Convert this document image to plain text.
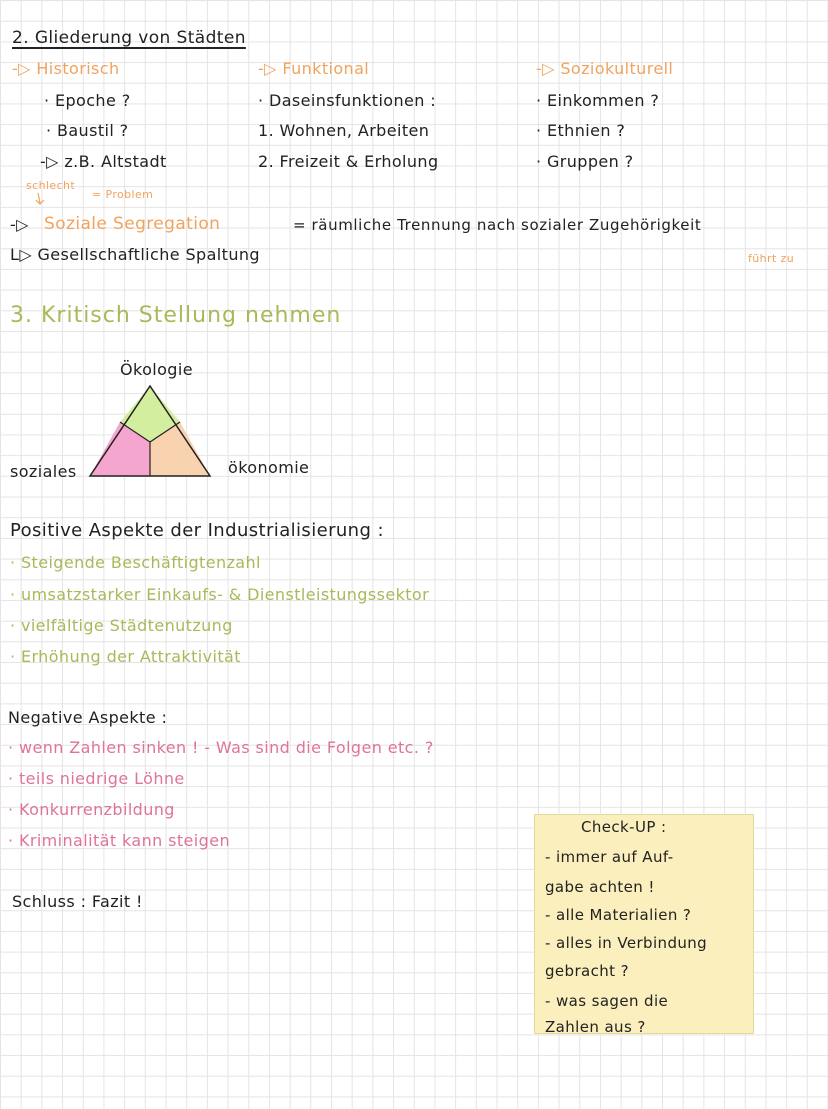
2. Gliederung von Städten
-▷ Historisch
· Epoche ?
· Baustil ?
-▷ z.B. Altstadt
-▷ Funktional
· Daseinsfunktionen :
1. Wohnen, Arbeiten
2. Freizeit & Erholung
-▷ Soziokulturell
· Einkommen ?
· Ethnien ?
· Gruppen ?
schlecht
= Problem
-▷ Soziale Segregation	= räumliche Trennung nach sozialer Zugehörigkeit
L▷ Gesellschaftliche Spaltung	führt zu
3. Kritisch Stellung nehmen
Ökologie
soziales	ökonomie
Positive Aspekte der Industrialisierung :
· Steigende Beschäftigtenzahl
· umsatzstarker Einkaufs- & Dienstleistungssektor
· vielfältige Städtenutzung
· Erhöhung der Attraktivität
Negative Aspekte :
· wenn Zahlen sinken ! - Was sind die Folgen etc. ?
· teils niedrige Löhne
· Konkurrenzbildung
· Kriminalität kann steigen
Schluss : Fazit !
Check-UP :
- immer auf Auf-
gabe achten !
- alle Materialien ?
- alles in Verbindung
gebracht ?
- was sagen die
Zahlen aus ?
